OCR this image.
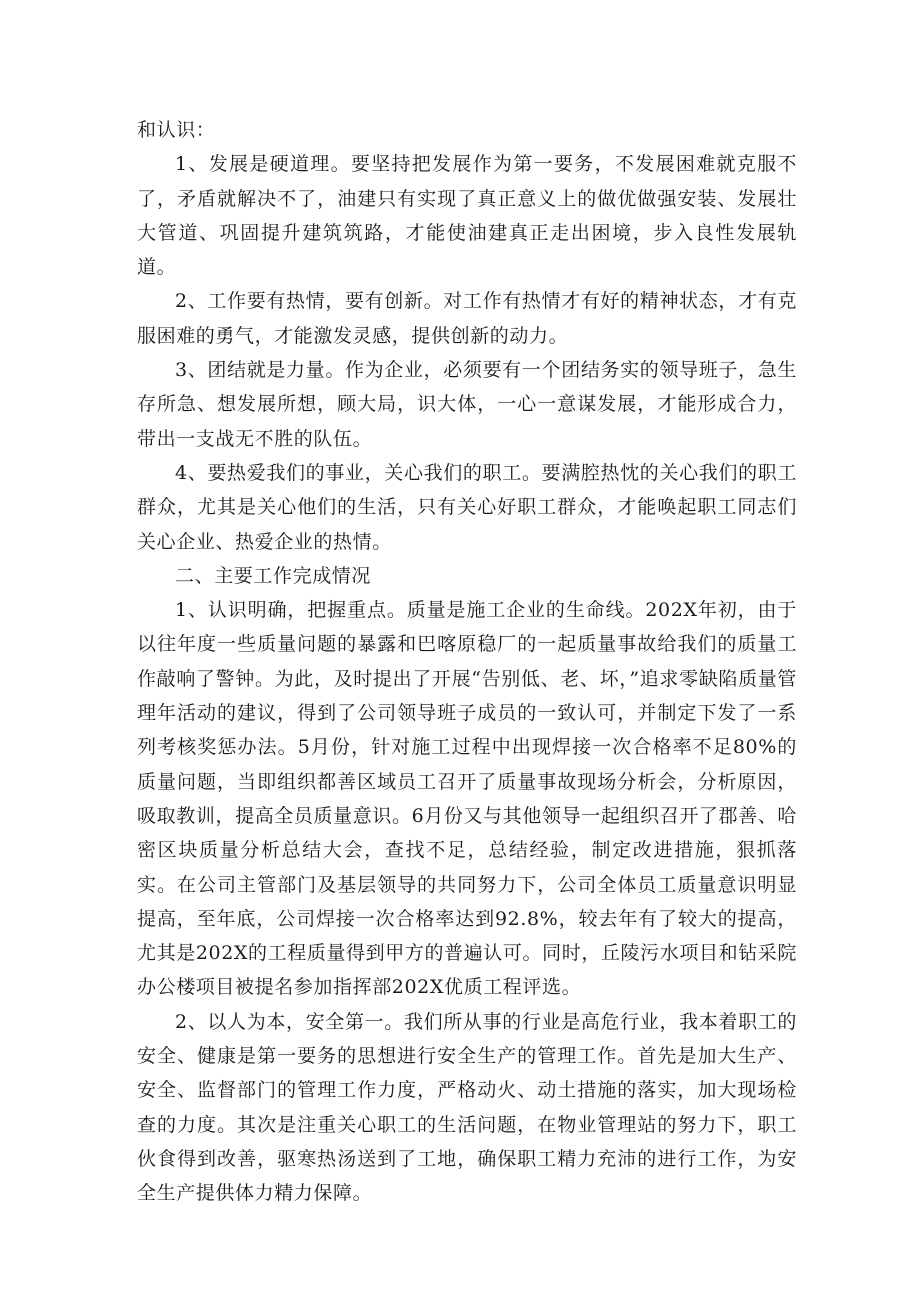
和认识：

1、发展是硬道理。要坚持把发展作为第一要务，不发展困难就克服不了，矛盾就解决不了，油建只有实现了真正意义上的做优做强安装、发展壮大管道、巩固提升建筑筑路，才能使油建真正走出困境，步入良性发展轨道。

2、工作要有热情，要有创新。对工作有热情才有好的精神状态，才有克服困难的勇气，才能激发灵感，提供创新的动力。

3、团结就是力量。作为企业，必须要有一个团结务实的领导班子，急生存所急、想发展所想，顾大局，识大体，一心一意谋发展，才能形成合力，带出一支战无不胜的队伍。

4、要热爱我们的事业，关心我们的职工。要满腔热忱的关心我们的职工群众，尤其是关心他们的生活，只有关心好职工群众，才能唤起职工同志们关心企业、热爱企业的热情。

二、主要工作完成情况

1、认识明确，把握重点。质量是施工企业的生命线。202X年初，由于以往年度一些质量问题的暴露和巴喀原稳厂的一起质量事故给我们的质量工作敲响了警钟。为此，及时提出了开展“告别低、老、坏，”追求零缺陷质量管理年活动的建议，得到了公司领导班子成员的一致认可，并制定下发了一系列考核奖惩办法。5月份，针对施工过程中出现焊接一次合格率不足80%的质量问题，当即组织都善区域员工召开了质量事故现场分析会，分析原因，吸取教训，提高全员质量意识。6月份又与其他领导一起组织召开了郡善、哈密区块质量分析总结大会，查找不足，总结经验，制定改进措施，狠抓落实。在公司主管部门及基层领导的共同努力下，公司全体员工质量意识明显提高，至年底，公司焊接一次合格率达到92.8%，较去年有了较大的提高，尤其是202X的工程质量得到甲方的普遍认可。同时，丘陵污水项目和钻采院办公楼项目被提名参加指挥部202X优质工程评选。

2、以人为本，安全第一。我们所从事的行业是高危行业，我本着职工的安全、健康是第一要务的思想进行安全生产的管理工作。首先是加大生产、安全、监督部门的管理工作力度，严格动火、动土措施的落实，加大现场检查的力度。其次是注重关心职工的生活问题，在物业管理站的努力下，职工伙食得到改善，驱寒热汤送到了工地，确保职工精力充沛的进行工作，为安全生产提供体力精力保障。
